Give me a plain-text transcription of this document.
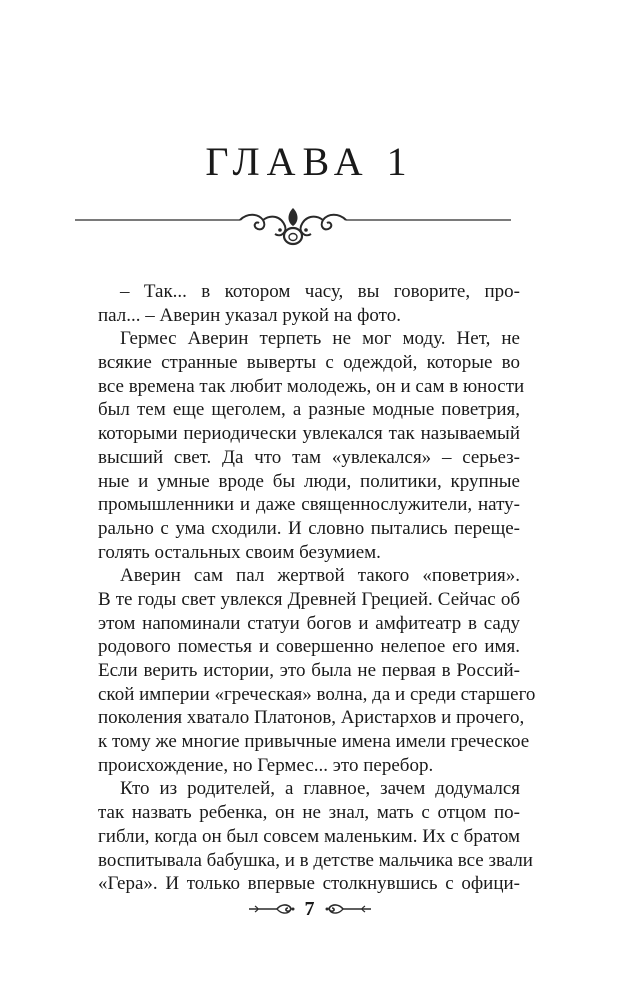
ГЛАВА 1
– Так... в котором часу, вы говорите, про-
пал... – Аверин указал рукой на фото.
Гермес Аверин терпеть не мог моду. Нет, не
всякие странные выверты с одеждой, которые во
все времена так любит молодежь, он и сам в юности
был тем еще щеголем, а разные модные поветрия,
которыми периодически увлекался так называемый
высший свет. Да что там «увлекался» – серьез-
ные и умные вроде бы люди, политики, крупные
промышленники и даже священнослужители, нату-
рально с ума сходили. И словно пытались перещe-
голять остальных своим безумием.
Аверин сам пал жертвой такого «поветрия».
В те годы свет увлекся Древней Грецией. Сейчас об
этом напоминали статуи богов и амфитеатр в саду
родового поместья и совершенно нелепое его имя.
Если верить истории, это была не первая в Россий-
ской империи «греческая» волна, да и среди старшего
поколения хватало Платонов, Аристархов и прочего,
к тому же многие привычные имена имели греческое
происхождение, но Гермес... это перебор.
Кто из родителей, а главное, зачем додумался
так назвать ребенка, он не знал, мать с отцом по-
гибли, когда он был совсем маленьким. Их с братом
воспитывала бабушка, и в детстве мальчика все звали
«Гера». И только впервые столкнувшись с офици-
7
